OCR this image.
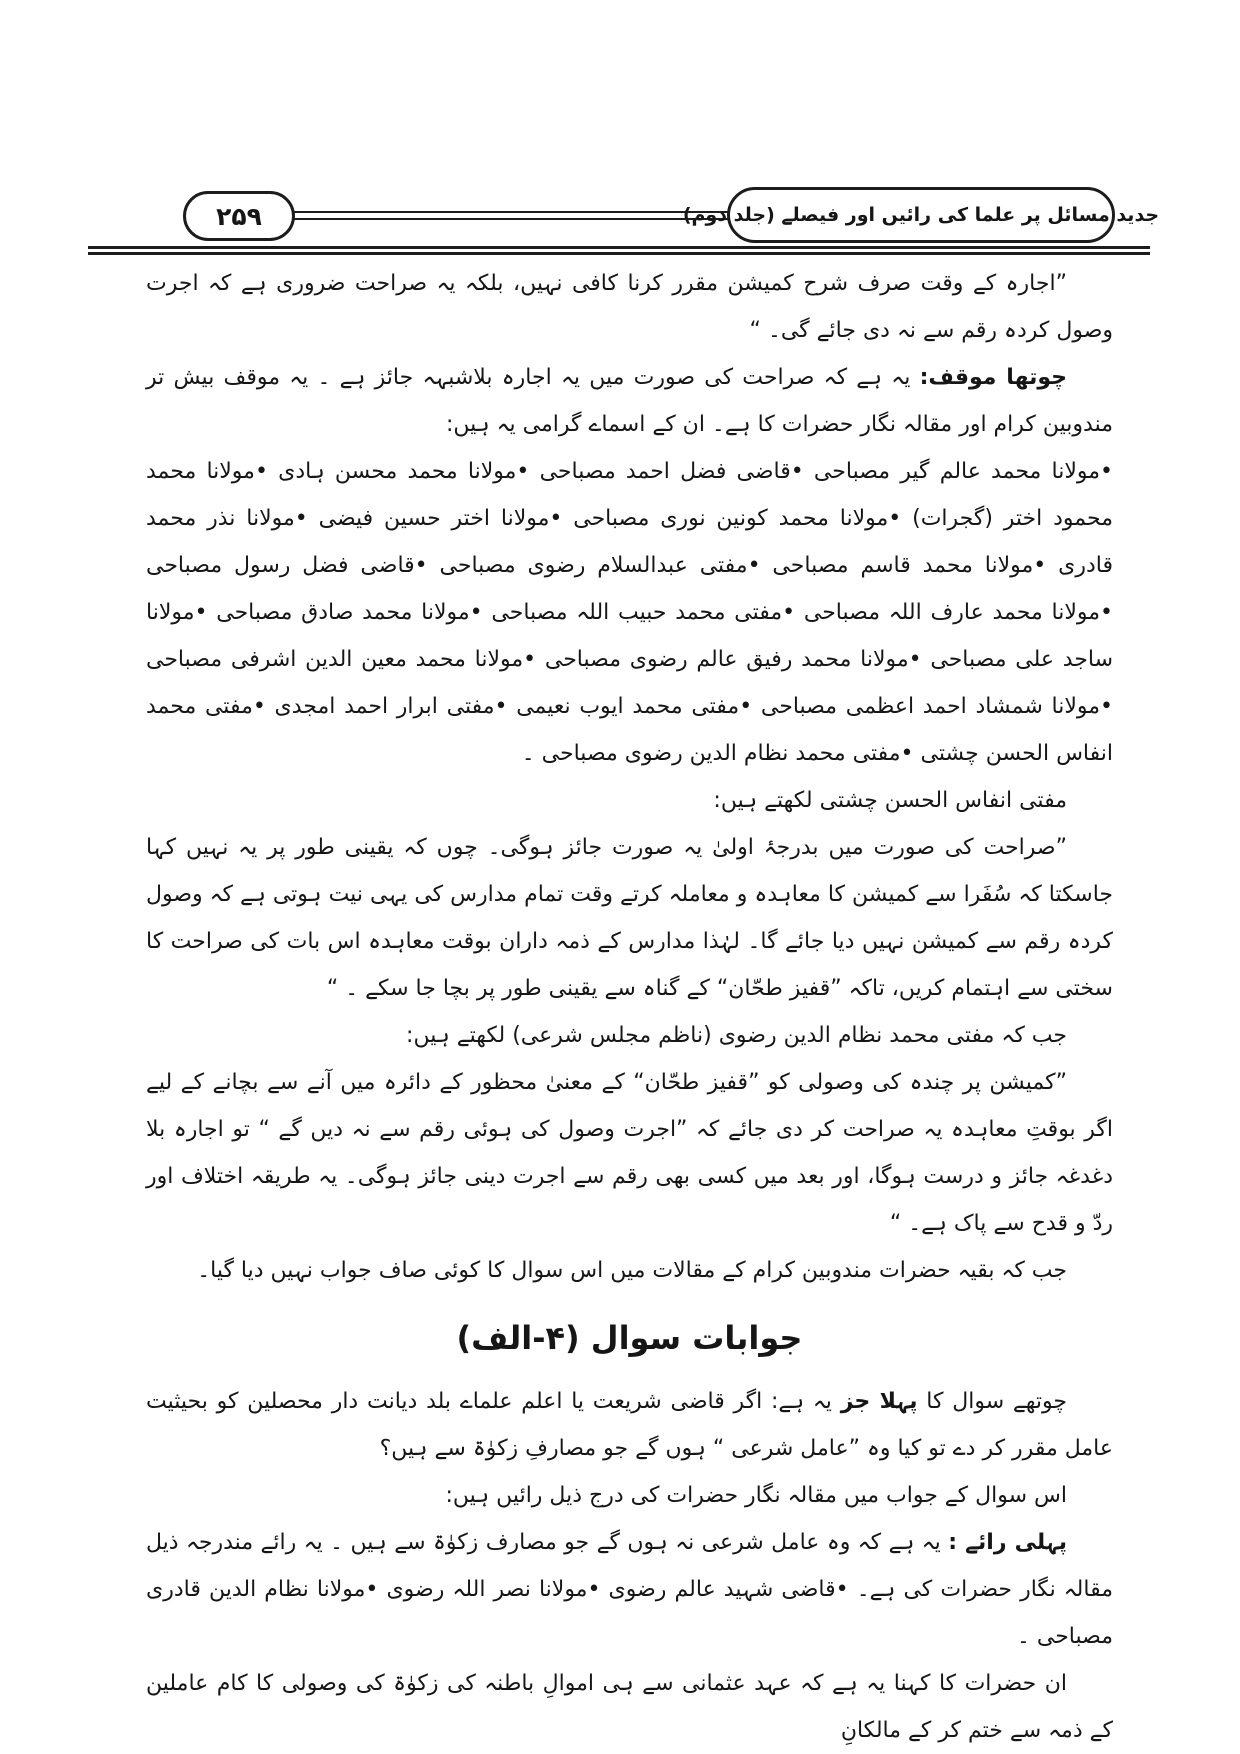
۲۵۹	جدید مسائل پر علما کی رائیں اور فیصلے (جلد دوم)

”اجارہ کے وقت صرف شرح کمیشن مقرر کرنا کافی نہیں، بلکہ یہ صراحت ضروری ہے کہ اجرت وصول کردہ رقم سے نہ دی جائے گی۔ “

چوتھا موقف: یہ ہے کہ صراحت کی صورت میں یہ اجارہ بلاشبہہ جائز ہے ۔ یہ موقف بیش تر مندوبین کرام اور مقالہ نگار حضرات کا ہے۔ ان کے اسماے گرامی یہ ہیں:

•مولانا محمد عالم گیر مصباحی •قاضی فضل احمد مصباحی •مولانا محمد محسن ہادی •مولانا محمد محمود اختر (گجرات) •مولانا محمد کونین نوری مصباحی •مولانا اختر حسین فیضی •مولانا نذر محمد قادری •مولانا محمد قاسم مصباحی •مفتی عبدالسلام رضوی مصباحی •قاضی فضل رسول مصباحی •مولانا محمد عارف اللہ مصباحی •مفتی محمد حبیب اللہ مصباحی •مولانا محمد صادق مصباحی •مولانا ساجد علی مصباحی •مولانا محمد رفیق عالم رضوی مصباحی •مولانا محمد معین الدین اشرفی مصباحی •مولانا شمشاد احمد اعظمی مصباحی •مفتی محمد ایوب نعیمی •مفتی ابرار احمد امجدی •مفتی محمد انفاس الحسن چشتی •مفتی محمد نظام الدین رضوی مصباحی ۔

مفتی انفاس الحسن چشتی لکھتے ہیں:

”صراحت کی صورت میں بدرجۂ اولیٰ یہ صورت جائز ہوگی۔ چوں کہ یقینی طور پر یہ نہیں کہا جاسکتا کہ سُفَرا سے کمیشن کا معاہدہ و معاملہ کرتے وقت تمام مدارس کی یہی نیت ہوتی ہے کہ وصول کردہ رقم سے کمیشن نہیں دیا جائے گا۔ لہٰذا مدارس کے ذمہ داران بوقت معاہدہ اس بات کی صراحت کا سختی سے اہتمام کریں، تاکہ ”قفیز طحّان“ کے گناہ سے یقینی طور پر بچا جا سکے ۔ “

جب کہ مفتی محمد نظام الدین رضوی (ناظم مجلس شرعی) لکھتے ہیں:

”کمیشن پر چندہ کی وصولی کو ”قفیز طحّان“ کے معنیٰ محظور کے دائرہ میں آنے سے بچانے کے لیے اگر بوقتِ معاہدہ یہ صراحت کر دی جائے کہ ”اجرت وصول کی ہوئی رقم سے نہ دیں گے “ تو اجارہ بلا دغدغہ جائز و درست ہوگا، اور بعد میں کسی بھی رقم سے اجرت دینی جائز ہوگی۔ یہ طریقہ اختلاف اور ردّ و قدح سے پاک ہے۔ “

جب کہ بقیہ حضرات مندوبین کرام کے مقالات میں اس سوال کا کوئی صاف جواب نہیں دیا گیا۔

جوابات سوال (۴-الف)

چوتھے سوال کا پہلا جز یہ ہے: اگر قاضی شریعت یا اعلم علماے بلد دیانت دار محصلین کو بحیثیت عامل مقرر کر دے تو کیا وہ ”عامل شرعی “ ہوں گے جو مصارفِ زکوٰۃ سے ہیں؟

اس سوال کے جواب میں مقالہ نگار حضرات کی درج ذیل رائیں ہیں:

پہلی رائے : یہ ہے کہ وہ عامل شرعی نہ ہوں گے جو مصارف زکوٰۃ سے ہیں ۔ یہ رائے مندرجہ ذیل مقالہ نگار حضرات کی ہے۔ •قاضی شہید عالم رضوی •مولانا نصر اللہ رضوی •مولانا نظام الدین قادری مصباحی ۔

ان حضرات کا کہنا یہ ہے کہ عہد عثمانی سے ہی اموالِ باطنہ کی زکوٰۃ کی وصولی کا کام عاملین کے ذمہ سے ختم کر کے مالکانِ
